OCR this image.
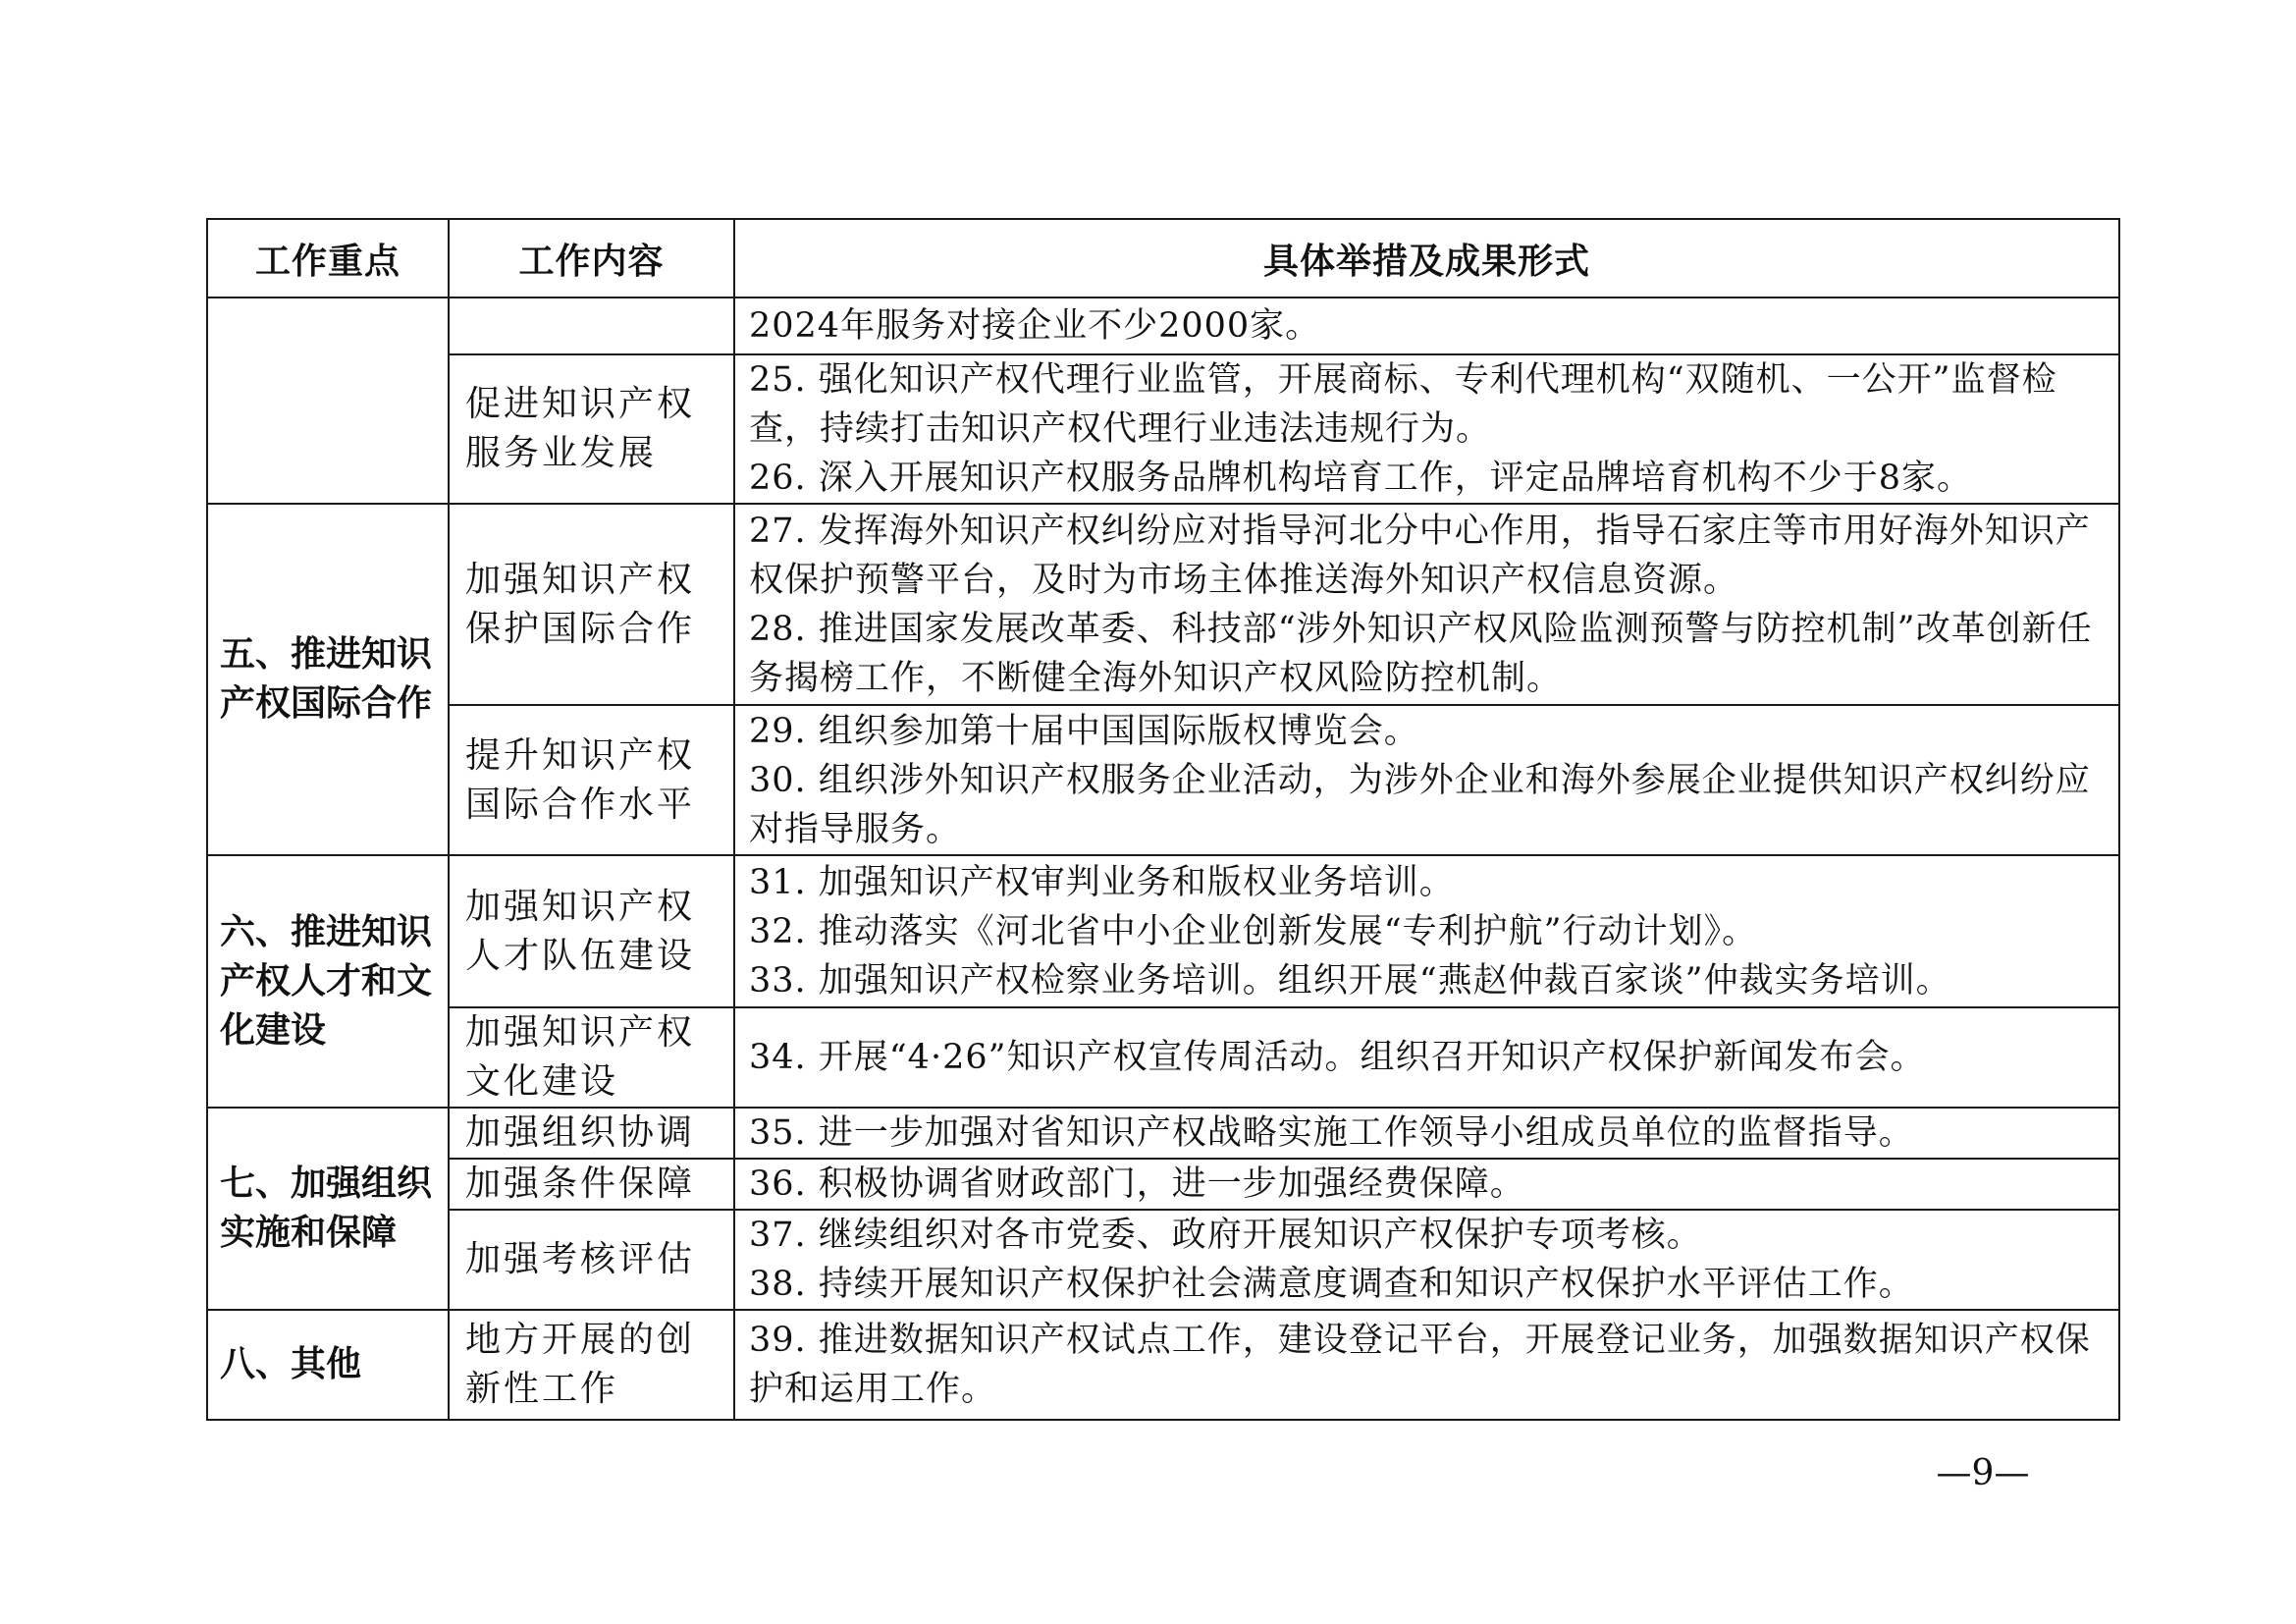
工作重点	工作内容	具体举措及成果形式

		2024年服务对接企业不少2000家。

	促进知识产权服务业发展	25. 强化知识产权代理行业监管，开展商标、专利代理机构“双随机、一公开”监督检查，持续打击知识产权代理行业违法违规行为。
26. 深入开展知识产权服务品牌机构培育工作，评定品牌培育机构不少于8家。

五、推进知识产权国际合作	加强知识产权保护国际合作	27. 发挥海外知识产权纠纷应对指导河北分中心作用，指导石家庄等市用好海外知识产权保护预警平台，及时为市场主体推送海外知识产权信息资源。
28. 推进国家发展改革委、科技部“涉外知识产权风险监测预警与防控机制”改革创新任务揭榜工作，不断健全海外知识产权风险防控机制。

	提升知识产权国际合作水平	29. 组织参加第十届中国国际版权博览会。
30. 组织涉外知识产权服务企业活动，为涉外企业和海外参展企业提供知识产权纠纷应对指导服务。

六、推进知识产权人才和文化建设	加强知识产权人才队伍建设	31. 加强知识产权审判业务和版权业务培训。
32. 推动落实《河北省中小企业创新发展“专利护航”行动计划》。
33. 加强知识产权检察业务培训。组织开展“燕赵仲裁百家谈”仲裁实务培训。

	加强知识产权文化建设	34. 开展“4·26”知识产权宣传周活动。组织召开知识产权保护新闻发布会。

七、加强组织实施和保障	加强组织协调	35. 进一步加强对省知识产权战略实施工作领导小组成员单位的监督指导。

	加强条件保障	36. 积极协调省财政部门，进一步加强经费保障。

	加强考核评估	37. 继续组织对各市党委、政府开展知识产权保护专项考核。
38. 持续开展知识产权保护社会满意度调查和知识产权保护水平评估工作。

八、其他	地方开展的创新性工作	39. 推进数据知识产权试点工作，建设登记平台，开展登记业务，加强数据知识产权保护和运用工作。
—9—
